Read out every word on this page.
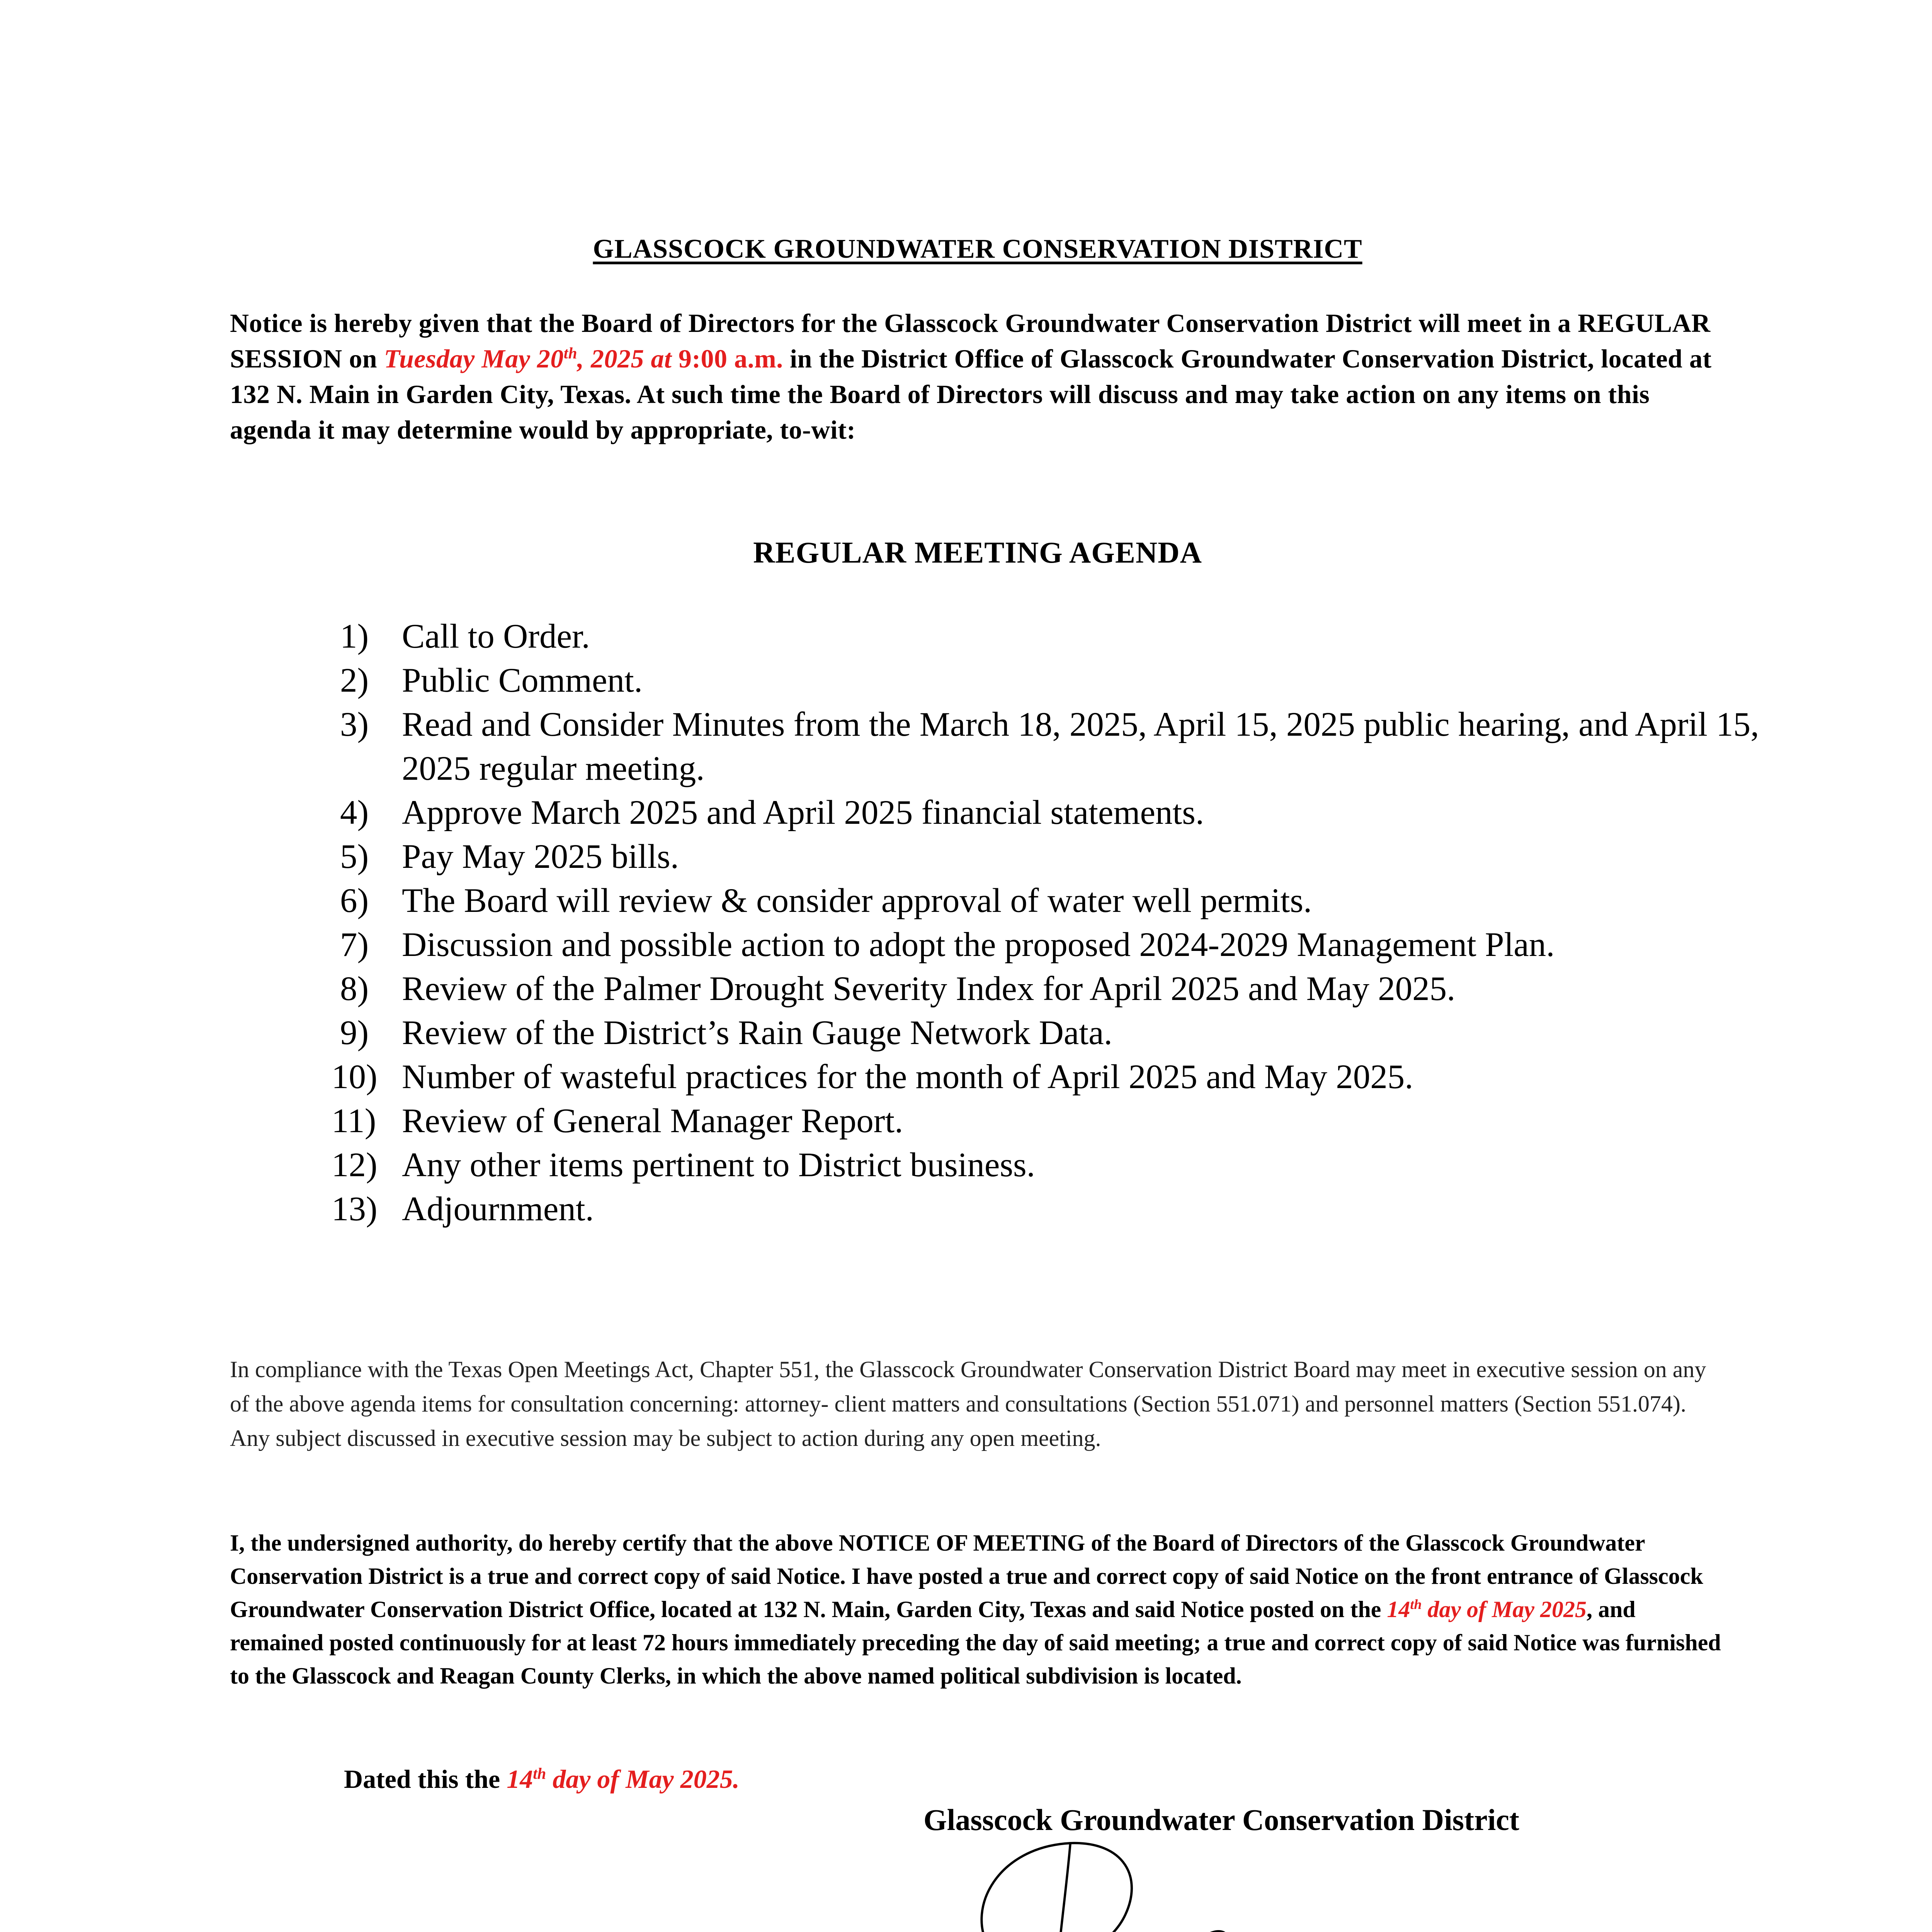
GLASSCOCK GROUNDWATER CONSERVATION DISTRICT
Notice is hereby given that the Board of Directors for the Glasscock Groundwater Conservation District will meet in a REGULAR SESSION on Tuesday May 20th, 2025 at 9:00 a.m. in the District Office of Glasscock Groundwater Conservation District, located at 132 N. Main in Garden City, Texas. At such time the Board of Directors will discuss and may take action on any items on this agenda it may determine would by appropriate, to-wit:
REGULAR MEETING AGENDA
1) Call to Order.
2) Public Comment.
3) Read and Consider Minutes from the March 18, 2025, April 15, 2025 public hearing, and April 15, 2025 regular meeting.
4) Approve March 2025 and April 2025 financial statements.
5) Pay May 2025 bills.
6) The Board will review & consider approval of water well permits.
7) Discussion and possible action to adopt the proposed 2024-2029 Management Plan.
8) Review of the Palmer Drought Severity Index for April 2025 and May 2025.
9) Review of the District’s Rain Gauge Network Data.
10) Number of wasteful practices for the month of April 2025 and May 2025.
11) Review of General Manager Report.
12) Any other items pertinent to District business.
13) Adjournment.
In compliance with the Texas Open Meetings Act, Chapter 551, the Glasscock Groundwater Conservation District Board may meet in executive session on any of the above agenda items for consultation concerning: attorney- client matters and consultations (Section 551.071) and personnel matters (Section 551.074). Any subject discussed in executive session may be subject to action during any open meeting.
I, the undersigned authority, do hereby certify that the above NOTICE OF MEETING of the Board of Directors of the Glasscock Groundwater Conservation District is a true and correct copy of said Notice. I have posted a true and correct copy of said Notice on the front entrance of Glasscock Groundwater Conservation District Office, located at 132 N. Main, Garden City, Texas and said Notice posted on the 14th day of May 2025, and remained posted continuously for at least 72 hours immediately preceding the day of said meeting; a true and correct copy of said Notice was furnished to the Glasscock and Reagan County Clerks, in which the above named political subdivision is located.
Dated this the 14th day of May 2025.
Glasscock Groundwater Conservation District
